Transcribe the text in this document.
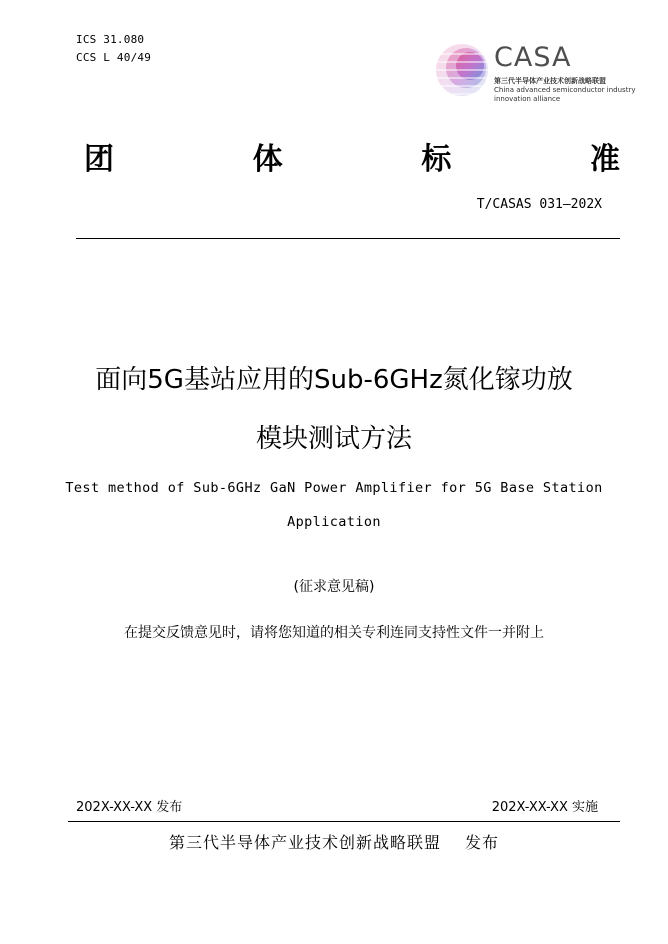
ICS 31.080
CCS L 40/49	CASA
第三代半导体产业技术创新战略联盟
China advanced semiconductor industry
innovation alliance
团	体	标	准
T/CASAS 031—202X
面向5G基站应用的Sub-6GHz氮化镓功放
模块测试方法
Test method of Sub-6GHz GaN Power Amplifier for 5G Base Station
Application
(征求意见稿)
在提交反馈意见时，请将您知道的相关专利连同支持性文件一并附上
202X-XX-XX 发布	202X-XX-XX 实施
第三代半导体产业技术创新战略联盟 发布
